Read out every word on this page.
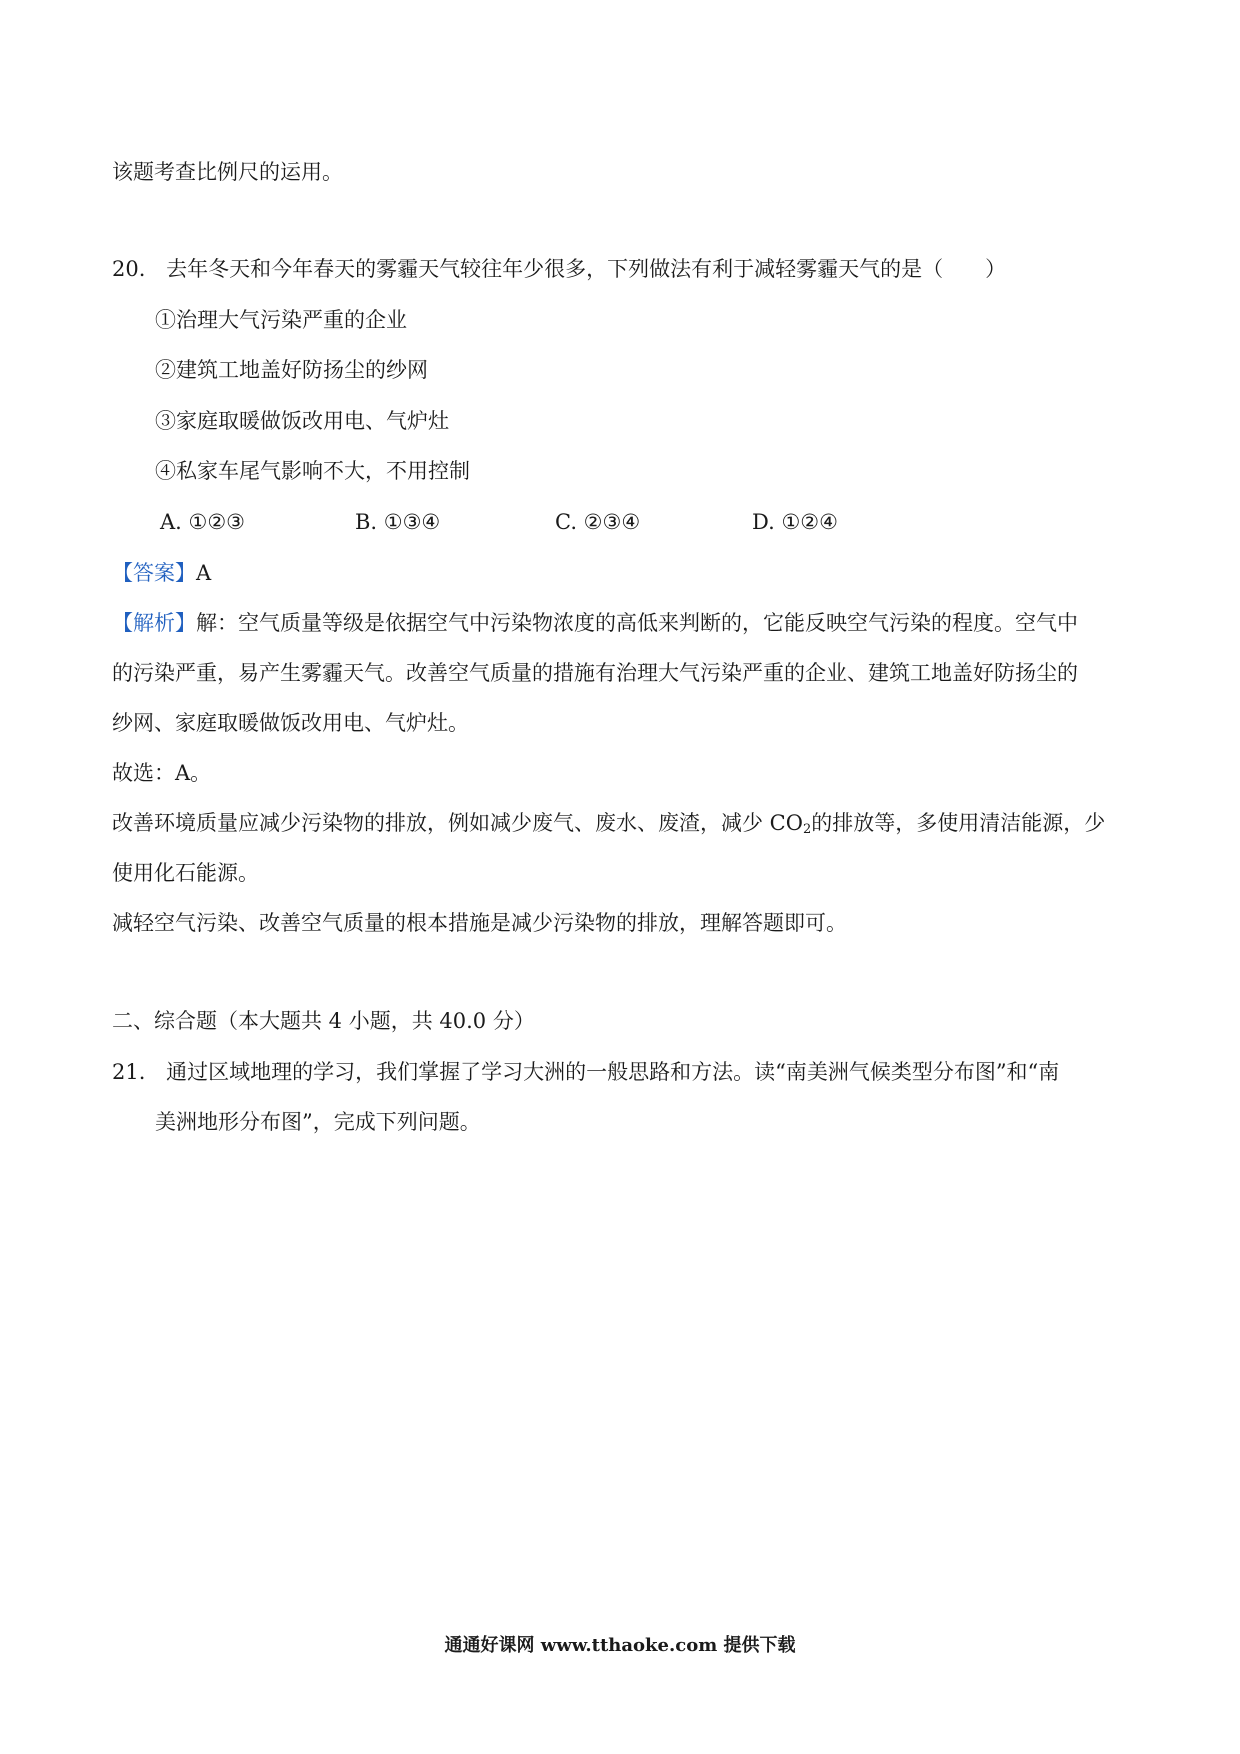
该题考查比例尺的运用。
20. 去年冬天和今年春天的雾霾天气较往年少很多，下列做法有利于减轻雾霾天气的是（　　）
①治理大气污染严重的企业
②建筑工地盖好防扬尘的纱网
③家庭取暖做饭改用电、气炉灶
④私家车尾气影响不大，不用控制
A. ①②③	B. ①③④	C. ②③④	D. ①②④
【答案】A
【解析】解：空气质量等级是依据空气中污染物浓度的高低来判断的，它能反映空气污染的程度。空气中
的污染严重，易产生雾霾天气。改善空气质量的措施有治理大气污染严重的企业、建筑工地盖好防扬尘的
纱网、家庭取暖做饭改用电、气炉灶。
故选：A。
改善环境质量应减少污染物的排放，例如减少废气、废水、废渣，减少 $CO_2$的排放等，多使用清洁能源，少
使用化石能源。
减轻空气污染、改善空气质量的根本措施是减少污染物的排放，理解答题即可。
二、综合题（本大题共 4 小题，共 40.0 分）
21. 通过区域地理的学习，我们掌握了学习大洲的一般思路和方法。读“南美洲气候类型分布图”和“南
美洲地形分布图”，完成下列问题。
通通好课网 www.tthaoke.com 提供下载
